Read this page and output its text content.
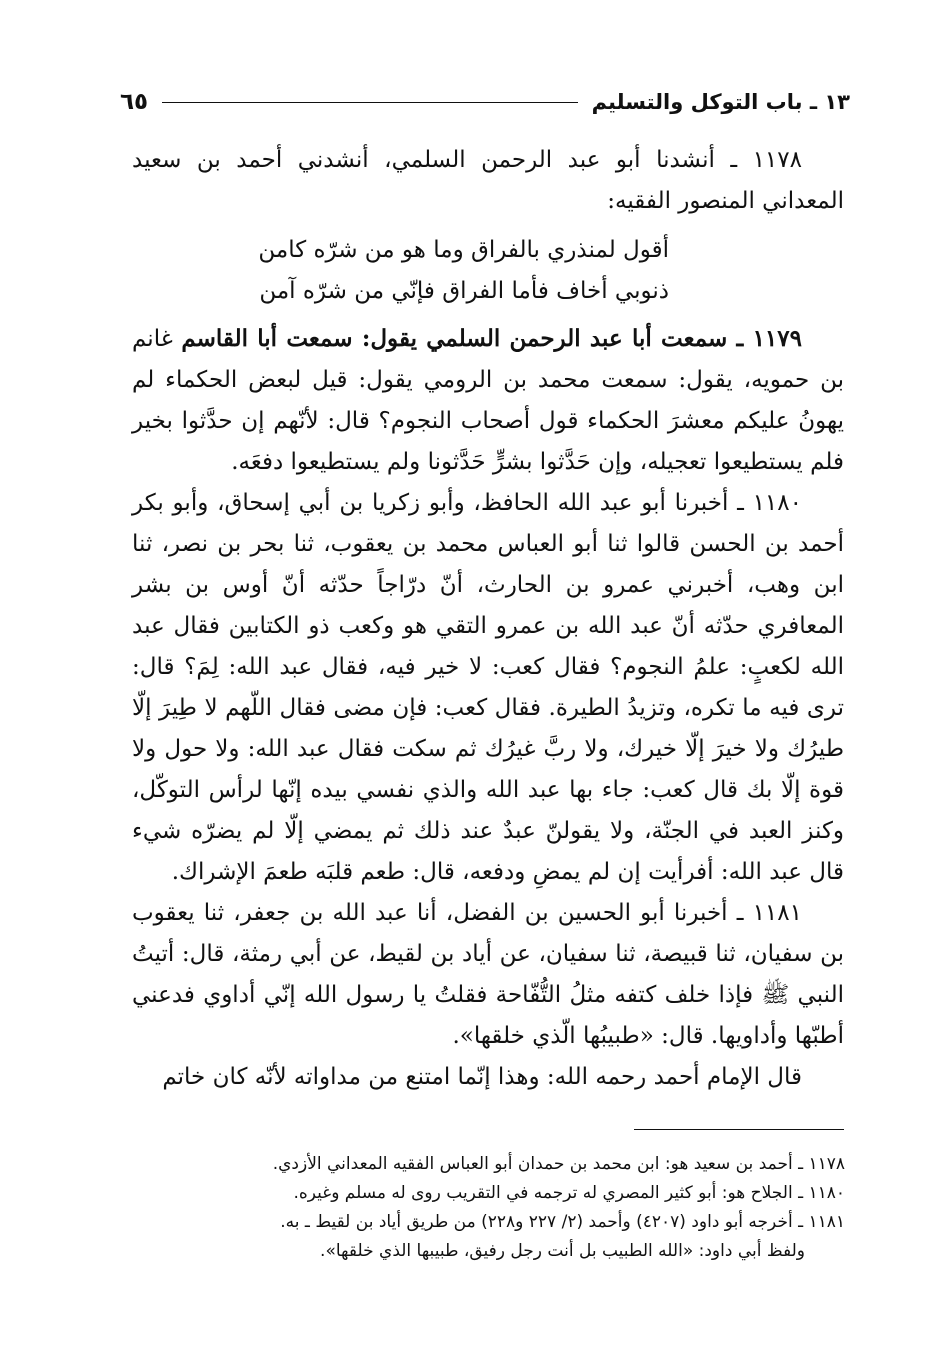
١٣ ـ باب التوكل والتسليم
٦٥

١١٧٨ ـ أنشدنا أبو عبد الرحمن السلمي، أنشدني أحمد بن سعيد المعداني المنصور الفقيه:

أقول لمنذري بالفراق وما هو من شرّه كامن
ذنوبي أخاف فأما الفراق فإنّي من شرّه آمن

١١٧٩ ـ سمعت أبا عبد الرحمن السلمي يقول: سمعت أبا القاسم غانم بن حمويه، يقول: سمعت محمد بن الرومي يقول: قيل لبعض الحكماء لم يهونُ عليكم معشرَ الحكماء قول أصحاب النجوم؟ قال: لأنّهم إن حدَّثوا بخير فلم يستطيعوا تعجيله، وإن حَدَّثوا بشرٍّ حَدَّثونا ولم يستطيعوا دفعَه.

١١٨٠ ـ أخبرنا أبو عبد الله الحافظ، وأبو زكريا بن أبي إسحاق، وأبو بكر أحمد بن الحسن قالوا ثنا أبو العباس محمد بن يعقوب، ثنا بحر بن نصر، ثنا ابن وهب، أخبرني عمرو بن الحارث، أنّ درّاجاً حدّثه أنّ أوس بن بشر المعافري حدّثه أنّ عبد الله بن عمرو التقي هو وكعب ذو الكتابين فقال عبد الله لكعبٍ: علمُ النجوم؟ فقال كعب: لا خير فيه، فقال عبد الله: لِمَ؟ قال: ترى فيه ما تكره، وتزيدُ الطيرة. فقال كعب: فإن مضى فقال اللّهم لا طِيرَ إلّا طيرُك ولا خيرَ إلّا خيرك، ولا ربَّ غيرُك ثم سكت فقال عبد الله: ولا حول ولا قوة إلّا بك قال كعب: جاء بها عبد الله والذي نفسي بيده إنّها لرأس التوكّل، وكنز العبد في الجنّة، ولا يقولنّ عبدٌ عند ذلك ثم يمضي إلّا لم يضرّه شيء قال عبد الله: أفرأيت إن لم يمضِ ودفعه، قال: طعم قلبَه طعمَ الإشراك.

١١٨١ ـ أخبرنا أبو الحسين بن الفضل، أنا عبد الله بن جعفر، ثنا يعقوب بن سفيان، ثنا قبيصة، ثنا سفيان، عن أياد بن لقيط، عن أبي رمثة، قال: أتيتُ النبي ﷺ فإذا خلف كتفه مثلُ التُّفّاحة فقلتُ يا رسول الله إنّي أداوي فدعني أطبّها وأداويها. قال: «طبيبُها الّذي خلقها».

قال الإمام أحمد رحمه الله: وهذا إنّما امتنع من مداواته لأنّه كان خاتم

١١٧٨ ـ أحمد بن سعيد هو: ابن محمد بن حمدان أبو العباس الفقيه المعداني الأزدي.
١١٨٠ ـ الجلاح هو: أبو كثير المصري له ترجمه في التقريب روى له مسلم وغيره.
١١٨١ ـ أخرجه أبو داود (٤٢٠٧) وأحمد (٢/ ٢٢٧ و٢٢٨) من طريق أياد بن لقيط ـ به.
ولفظ أبي داود: «الله الطبيب بل أنت رجل رفيق، طبيبها الذي خلقها».
